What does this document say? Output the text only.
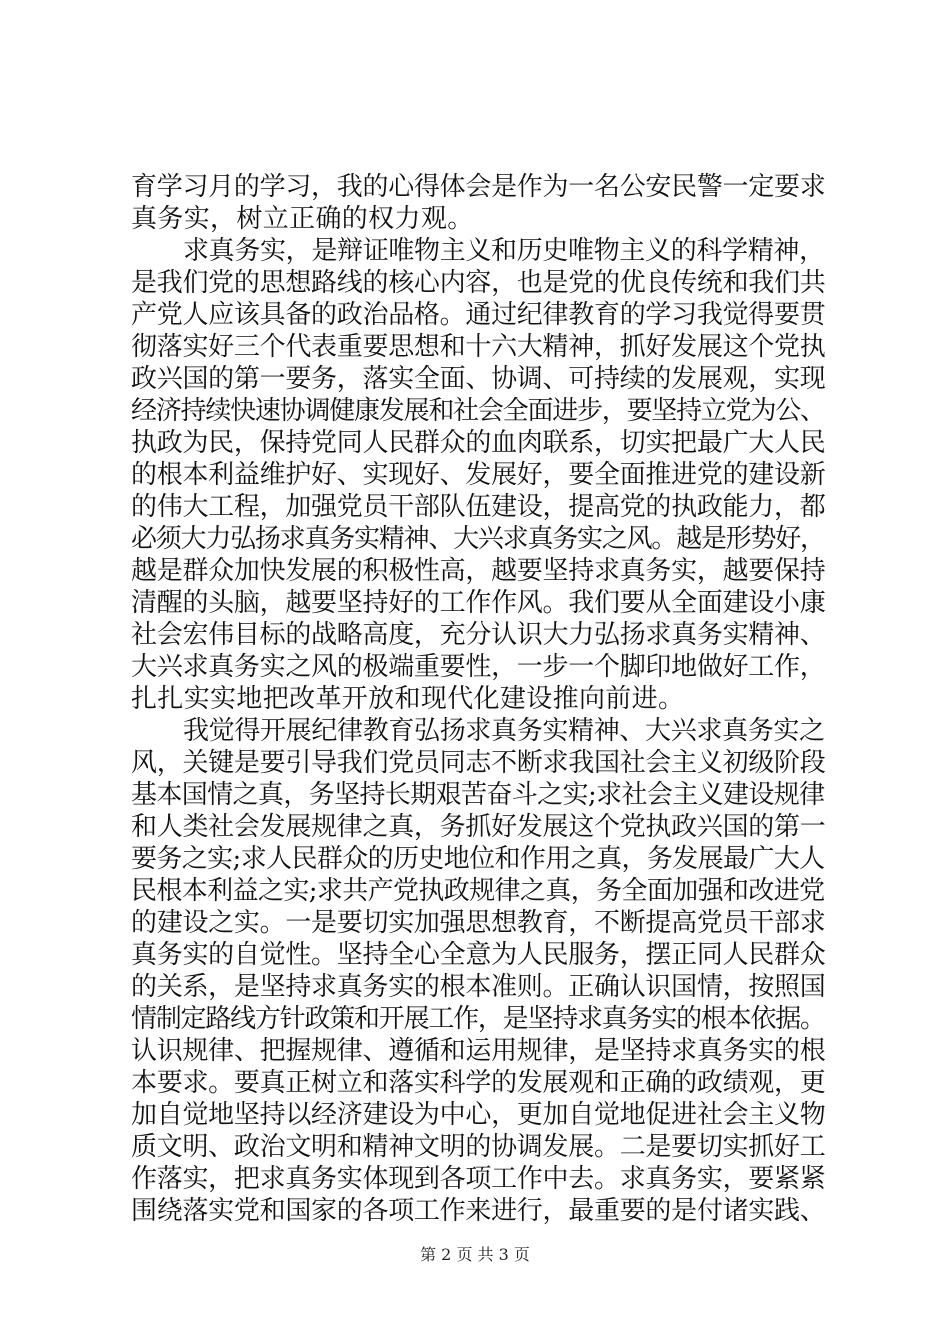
育学习月的学习，我的心得体会是作为一名公安民警一定要求
真务实，树立正确的权力观。
求真务实，是辩证唯物主义和历史唯物主义的科学精神，
是我们党的思想路线的核心内容，也是党的优良传统和我们共
产党人应该具备的政治品格。通过纪律教育的学习我觉得要贯
彻落实好三个代表重要思想和十六大精神，抓好发展这个党执
政兴国的第一要务，落实全面、协调、可持续的发展观，实现
经济持续快速协调健康发展和社会全面进步，要坚持立党为公、
执政为民，保持党同人民群众的血肉联系，切实把最广大人民
的根本利益维护好、实现好、发展好，要全面推进党的建设新
的伟大工程，加强党员干部队伍建设，提高党的执政能力，都
必须大力弘扬求真务实精神、大兴求真务实之风。越是形势好，
越是群众加快发展的积极性高，越要坚持求真务实，越要保持
清醒的头脑，越要坚持好的工作作风。我们要从全面建设小康
社会宏伟目标的战略高度，充分认识大力弘扬求真务实精神、
大兴求真务实之风的极端重要性，一步一个脚印地做好工作，
扎扎实实地把改革开放和现代化建设推向前进。
我觉得开展纪律教育弘扬求真务实精神、大兴求真务实之
风，关键是要引导我们党员同志不断求我国社会主义初级阶段
基本国情之真，务坚持长期艰苦奋斗之实;求社会主义建设规律
和人类社会发展规律之真，务抓好发展这个党执政兴国的第一
要务之实;求人民群众的历史地位和作用之真，务发展最广大人
民根本利益之实;求共产党执政规律之真，务全面加强和改进党
的建设之实。一是要切实加强思想教育，不断提高党员干部求
真务实的自觉性。坚持全心全意为人民服务，摆正同人民群众
的关系，是坚持求真务实的根本准则。正确认识国情，按照国
情制定路线方针政策和开展工作，是坚持求真务实的根本依据。
认识规律、把握规律、遵循和运用规律，是坚持求真务实的根
本要求。要真正树立和落实科学的发展观和正确的政绩观，更
加自觉地坚持以经济建设为中心，更加自觉地促进社会主义物
质文明、政治文明和精神文明的协调发展。二是要切实抓好工
作落实，把求真务实体现到各项工作中去。求真务实，要紧紧
围绕落实党和国家的各项工作来进行，最重要的是付诸实践、
第 2 页 共 3 页
